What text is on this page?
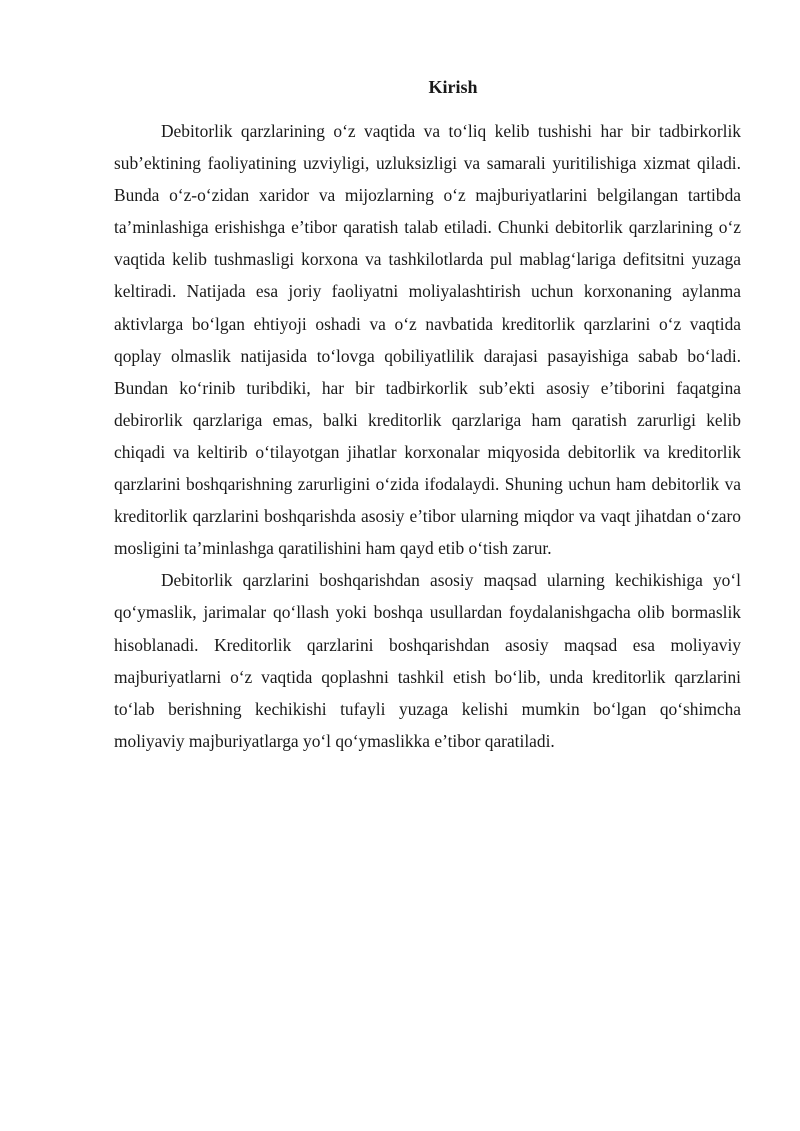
Kirish

Debitorlik qarzlarining o‘z vaqtida va to‘liq kelib tushishi har bir tadbirkorlik sub’ektining faoliyatining uzviyligi, uzluksizligi va samarali yuritilishiga xizmat qiladi. Bunda o‘z-o‘zidan xaridor va mijozlarning o‘z majburiyatlarini belgilangan tartibda ta’minlashiga erishishga e’tibor qaratish talab etiladi. Chunki debitorlik qarzlarining o‘z vaqtida kelib tushmasligi korxona va tashkilotlarda pul mablag‘lariga defitsitni yuzaga keltiradi. Natijada esa joriy faoliyatni moliyalashtirish uchun korxonaning aylanma aktivlarga bo‘lgan ehtiyoji oshadi va o‘z navbatida kreditorlik qarzlarini o‘z vaqtida qoplay olmaslik natijasida to‘lovga qobiliyatlilik darajasi pasayishiga sabab bo‘ladi. Bundan ko‘rinib turibdiki, har bir tadbirkorlik sub’ekti asosiy e’tiborini faqatgina debirorlik qarzlariga emas, balki kreditorlik qarzlariga ham qaratish zarurligi kelib chiqadi va keltirib o‘tilayotgan jihatlar korxonalar miqyosida debitorlik va kreditorlik qarzlarini boshqarishning zarurligini o‘zida ifodalaydi. Shuning uchun ham debitorlik va kreditorlik qarzlarini boshqarishda asosiy e’tibor ularning miqdor va vaqt jihatdan o‘zaro mosligini ta’minlashga qaratilishini ham qayd etib o‘tish zarur.

Debitorlik qarzlarini boshqarishdan asosiy maqsad ularning kechikishiga yo‘l qo‘ymaslik, jarimalar qo‘llash yoki boshqa usullardan foydalanishgacha olib bormaslik hisoblanadi. Kreditorlik qarzlarini boshqarishdan asosiy maqsad esa moliyaviy majburiyatlarni o‘z vaqtida qoplashni tashkil etish bo‘lib, unda kreditorlik qarzlarini to‘lab berishning kechikishi tufayli yuzaga kelishi mumkin bo‘lgan qo‘shimcha moliyaviy majburiyatlarga yo‘l qo‘ymaslikka e’tibor qaratiladi.
